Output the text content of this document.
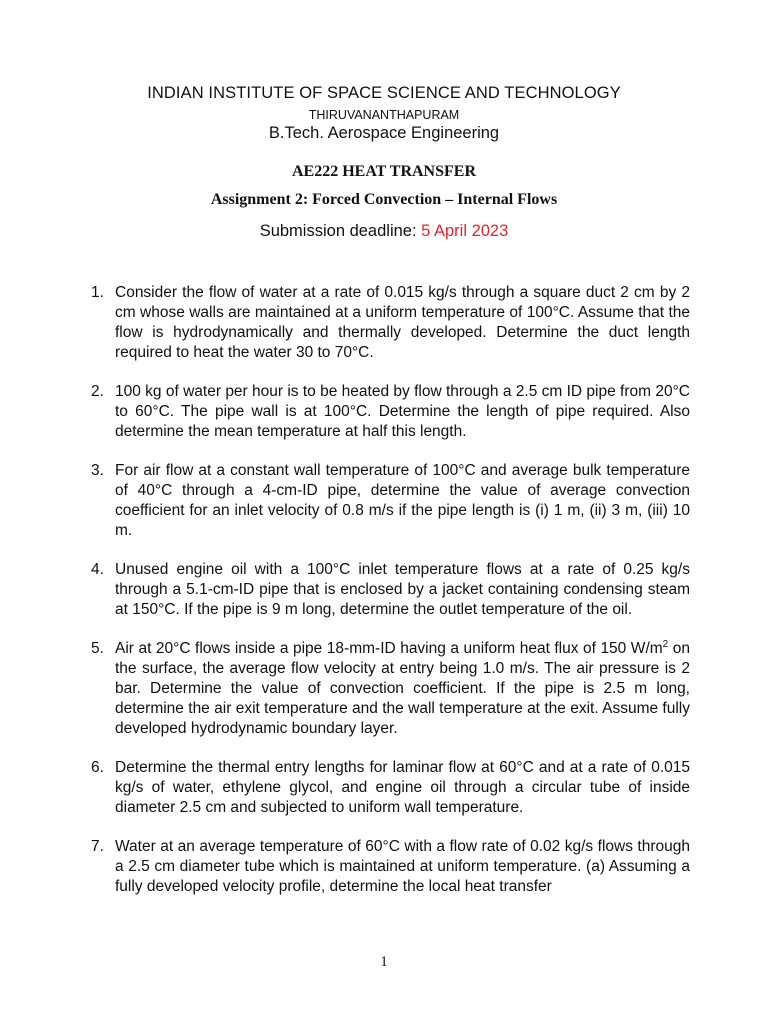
INDIAN INSTITUTE OF SPACE SCIENCE AND TECHNOLOGY
THIRUVANANTHAPURAM
B.Tech. Aerospace Engineering
AE222 HEAT TRANSFER
Assignment 2: Forced Convection – Internal Flows
Submission deadline: 5 April 2023
1. Consider the flow of water at a rate of 0.015 kg/s through a square duct 2 cm by 2 cm whose walls are maintained at a uniform temperature of 100°C. Assume that the flow is hydrodynamically and thermally developed. Determine the duct length required to heat the water 30 to 70°C.
2. 100 kg of water per hour is to be heated by flow through a 2.5 cm ID pipe from 20°C to 60°C. The pipe wall is at 100°C. Determine the length of pipe required. Also determine the mean temperature at half this length.
3. For air flow at a constant wall temperature of 100°C and average bulk temperature of 40°C through a 4-cm-ID pipe, determine the value of average convection coefficient for an inlet velocity of 0.8 m/s if the pipe length is (i) 1 m, (ii) 3 m, (iii) 10 m.
4. Unused engine oil with a 100°C inlet temperature flows at a rate of 0.25 kg/s through a 5.1-cm-ID pipe that is enclosed by a jacket containing condensing steam at 150°C. If the pipe is 9 m long, determine the outlet temperature of the oil.
5. Air at 20°C flows inside a pipe 18-mm-ID having a uniform heat flux of 150 $W/m^2$ on the surface, the average flow velocity at entry being 1.0 m/s. The air pressure is 2 bar. Determine the value of convection coefficient. If the pipe is 2.5 m long, determine the air exit temperature and the wall temperature at the exit. Assume fully developed hydrodynamic boundary layer.
6. Determine the thermal entry lengths for laminar flow at 60°C and at a rate of 0.015 kg/s of water, ethylene glycol, and engine oil through a circular tube of inside diameter 2.5 cm and subjected to uniform wall temperature.
7. Water at an average temperature of 60°C with a flow rate of 0.02 kg/s flows through a 2.5 cm diameter tube which is maintained at uniform temperature. (a) Assuming a fully developed velocity profile, determine the local heat transfer
1
